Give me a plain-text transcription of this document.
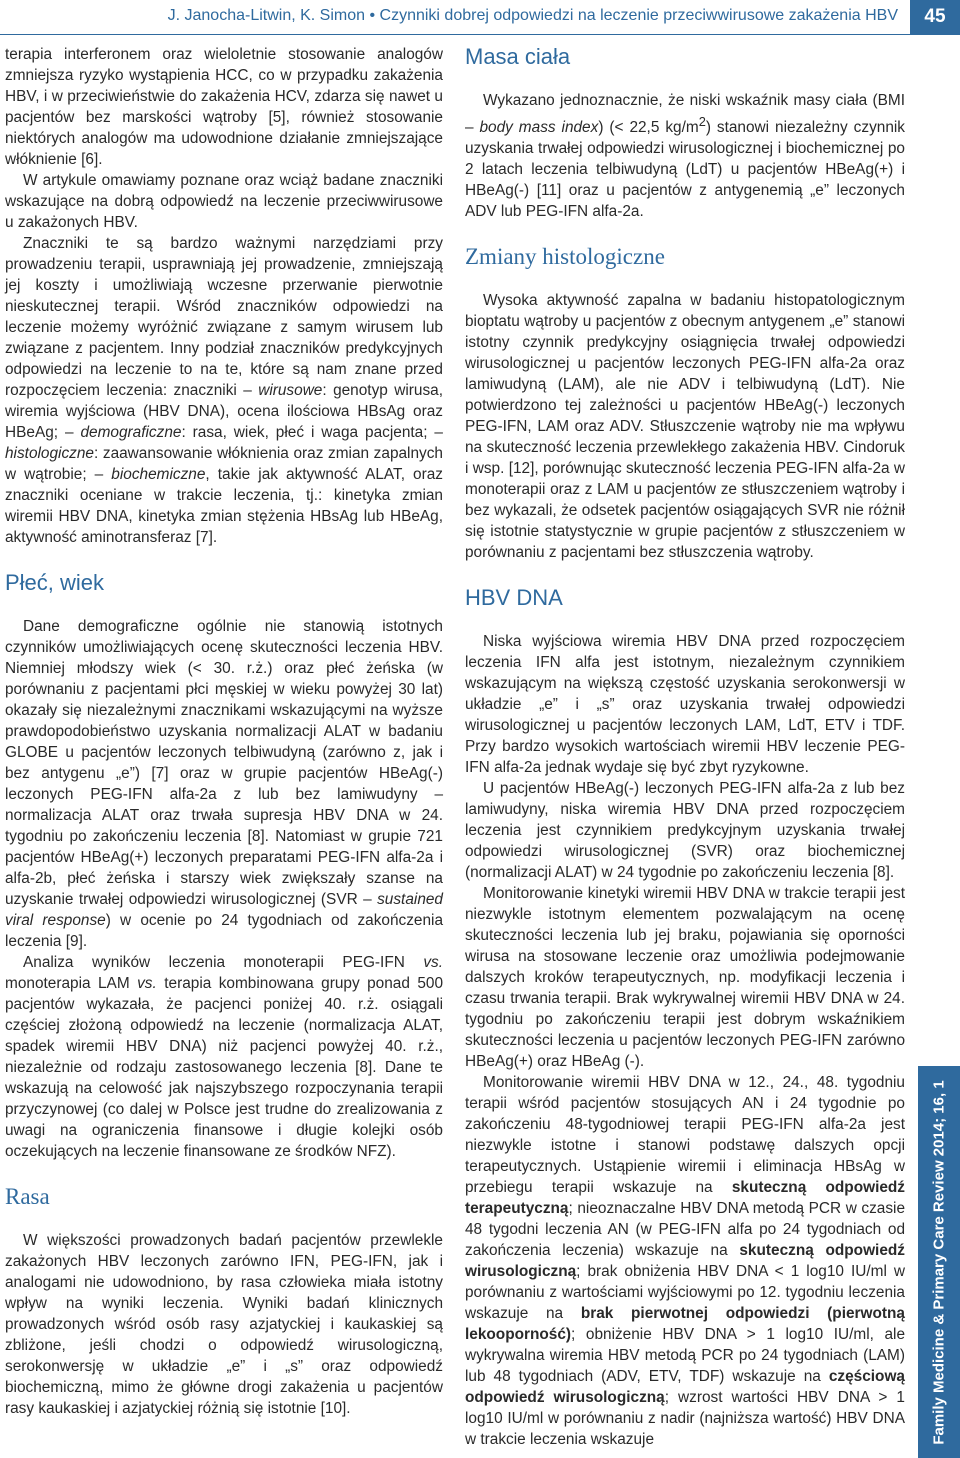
J. Janocha-Litwin, K. Simon • Czynniki dobrej odpowiedzi na leczenie przeciwwirusowe zakażenia HBV	45

terapia interferonem oraz wieloletnie stosowanie analogów zmniejsza ryzyko wystąpienia HCC, co w przypadku zakażenia HBV, i w przeciwieństwie do zakażenia HCV, zdarza się nawet u pacjentów bez marskości wątroby [5], również stosowanie niektórych analogów ma udowodnione działanie zmniejszające włóknienie [6].

W artykule omawiamy poznane oraz wciąż badane znaczniki wskazujące na dobrą odpowiedź na leczenie przeciwwirusowe u zakażonych HBV.

Znaczniki te są bardzo ważnymi narzędziami przy prowadzeniu terapii, usprawniają jej prowadzenie, zmniejszają jej koszty i umożliwiają wczesne przerwanie pierwotnie nieskutecznej terapii. Wśród znaczników odpowiedzi na leczenie możemy wyróżnić związane z samym wirusem lub związane z pacjentem. Inny podział znaczników predykcyjnych odpowiedzi na leczenie to na te, które są nam znane przed rozpoczęciem leczenia: znaczniki – wirusowe: genotyp wirusa, wiremia wyjściowa (HBV DNA), ocena ilościowa HBsAg oraz HBeAg; – demograficzne: rasa, wiek, płeć i waga pacjenta; – histologiczne: zaawansowanie włóknienia oraz zmian zapalnych w wątrobie; – biochemiczne, takie jak aktywność ALAT, oraz znaczniki oceniane w trakcie leczenia, tj.: kinetyka zmian wiremii HBV DNA, kinetyka zmian stężenia HBsAg lub HBeAg, aktywność aminotransferaz [7].

Płeć, wiek

Dane demograficzne ogólnie nie stanowią istotnych czynników umożliwiających ocenę skuteczności leczenia HBV. Niemniej młodszy wiek (< 30. r.ż.) oraz płeć żeńska (w porównaniu z pacjentami płci męskiej w wieku powyżej 30 lat) okazały się niezależnymi znacznikami wskazującymi na wyższe prawdopodobieństwo uzyskania normalizacji ALAT w badaniu GLOBE u pacjentów leczonych telbiwudyną (zarówno z, jak i bez antygenu „e”) [7] oraz w grupie pacjentów HBeAg(-) leczonych PEG-IFN alfa-2a z lub bez lamiwudyny – normalizacja ALAT oraz trwała supresja HBV DNA w 24. tygodniu po zakończeniu leczenia [8]. Natomiast w grupie 721 pacjentów HBeAg(+) leczonych preparatami PEG-IFN alfa-2a i alfa-2b, płeć żeńska i starszy wiek zwiększały szanse na uzyskanie trwałej odpowiedzi wirusologicznej (SVR – sustained viral response) w ocenie po 24 tygodniach od zakończenia leczenia [9].

Analiza wyników leczenia monoterapii PEG-IFN vs. monoterapia LAM vs. terapia kombinowana grupy ponad 500 pacjentów wykazała, że pacjenci poniżej 40. r.ż. osiągali częściej złożoną odpowiedź na leczenie (normalizacja ALAT, spadek wiremii HBV DNA) niż pacjenci powyżej 40. r.ż., niezależnie od rodzaju zastosowanego leczenia [8]. Dane te wskazują na celowość jak najszybszego rozpoczynania terapii przyczynowej (co dalej w Polsce jest trudne do zrealizowania z uwagi na ograniczenia finansowe i długie kolejki osób oczekujących na leczenie finansowane ze środków NFZ).

Rasa

W większości prowadzonych badań pacjentów przewlekle zakażonych HBV leczonych zarówno IFN, PEG-IFN, jak i analogami nie udowodniono, by rasa człowieka miała istotny wpływ na wyniki leczenia. Wyniki badań klinicznych prowadzonych wśród osób rasy azjatyckiej i kaukaskiej są zbliżone, jeśli chodzi o odpowiedź wirusologiczną, serokonwersję w układzie „e” i „s” oraz odpowiedź biochemiczną, mimo że główne drogi zakażenia u pacjentów rasy kaukaskiej i azjatyckiej różnią się istotnie [10].

Masa ciała

Wykazano jednoznacznie, że niski wskaźnik masy ciała (BMI – body mass index) (< 22,5 $kg/m^2$) stanowi niezależny czynnik uzyskania trwałej odpowiedzi wirusologicznej i biochemicznej po 2 latach leczenia telbiwudyną (LdT) u pacjentów HBeAg(+) i HBeAg(-) [11] oraz u pacjentów z antygenemią „e” leczonych ADV lub PEG-IFN alfa-2a.

Zmiany histologiczne

Wysoka aktywność zapalna w badaniu histopatologicznym bioptatu wątroby u pacjentów z obecnym antygenem „e” stanowi istotny czynnik predykcyjny osiągnięcia trwałej odpowiedzi wirusologicznej u pacjentów leczonych PEG-IFN alfa-2a oraz lamiwudyną (LAM), ale nie ADV i telbiwudyną (LdT). Nie potwierdzono tej zależności u pacjentów HBeAg(-) leczonych PEG-IFN, LAM oraz ADV. Stłuszczenie wątroby nie ma wpływu na skuteczność leczenia przewlekłego zakażenia HBV. Cindoruk i wsp. [12], porównując skuteczność leczenia PEG-IFN alfa-2a w monoterapii oraz z LAM u pacjentów ze stłuszczeniem wątroby i bez wykazali, że odsetek pacjentów osiągających SVR nie różnił się istotnie statystycznie w grupie pacjentów z stłuszczeniem w porównaniu z pacjentami bez stłuszczenia wątroby.

HBV DNA

Niska wyjściowa wiremia HBV DNA przed rozpoczęciem leczenia IFN alfa jest istotnym, niezależnym czynnikiem wskazującym na większą częstość uzyskania serokonwersji w układzie „e” i „s” oraz uzyskania trwałej odpowiedzi wirusologicznej u pacjentów leczonych LAM, LdT, ETV i TDF. Przy bardzo wysokich wartościach wiremii HBV leczenie PEG-IFN alfa-2a jednak wydaje się być zbyt ryzykowne.

U pacjentów HBeAg(-) leczonych PEG-IFN alfa-2a z lub bez lamiwudyny, niska wiremia HBV DNA przed rozpoczęciem leczenia jest czynnikiem predykcyjnym uzyskania trwałej odpowiedzi wirusologicznej (SVR) oraz biochemicznej (normalizacji ALAT) w 24 tygodnie po zakończeniu leczenia [8].

Monitorowanie kinetyki wiremii HBV DNA w trakcie terapii jest niezwykle istotnym elementem pozwalającym na ocenę skuteczności leczenia lub jej braku, pojawiania się oporności wirusa na stosowane leczenie oraz umożliwia podejmowanie dalszych kroków terapeutycznych, np. modyfikacji leczenia i czasu trwania terapii. Brak wykrywalnej wiremii HBV DNA w 24. tygodniu po zakończeniu terapii jest dobrym wskaźnikiem skuteczności leczenia u pacjentów leczonych PEG-IFN zarówno HBeAg(+) oraz HBeAg (-).

Monitorowanie wiremii HBV DNA w 12., 24., 48. tygodniu terapii wśród pacjentów stosujących AN i 24 tygodnie po zakończeniu 48-tygodniowej terapii PEG-IFN alfa-2a jest niezwykle istotne i stanowi podstawę dalszych opcji terapeutycznych. Ustąpienie wiremii i eliminacja HBsAg w przebiegu terapii wskazuje na skuteczną odpowiedź terapeutyczną; nieoznaczalne HBV DNA metodą PCR w czasie 48 tygodni leczenia AN (w PEG-IFN alfa po 24 tygodniach od zakończenia leczenia) wskazuje na skuteczną odpowiedź wirusologiczną; brak obniżenia HBV DNA < 1 log10 IU/ml w porównaniu z wartościami wyjściowymi po 12. tygodniu leczenia wskazuje na brak pierwotnej odpowiedzi (pierwotną lekooporność); obniżenie HBV DNA > 1 log10 IU/ml, ale wykrywalna wiremia HBV metodą PCR po 24 tygodniach (LAM) lub 48 tygodniach (ADV, ETV, TDF) wskazuje na częściową odpowiedź wirusologiczną; wzrost wartości HBV DNA > 1 log10 IU/ml w porównaniu z nadir (najniższa wartość) HBV DNA w trakcie leczenia wskazuje	Family Medicine & Primary Care Review 2014; 16, 1
